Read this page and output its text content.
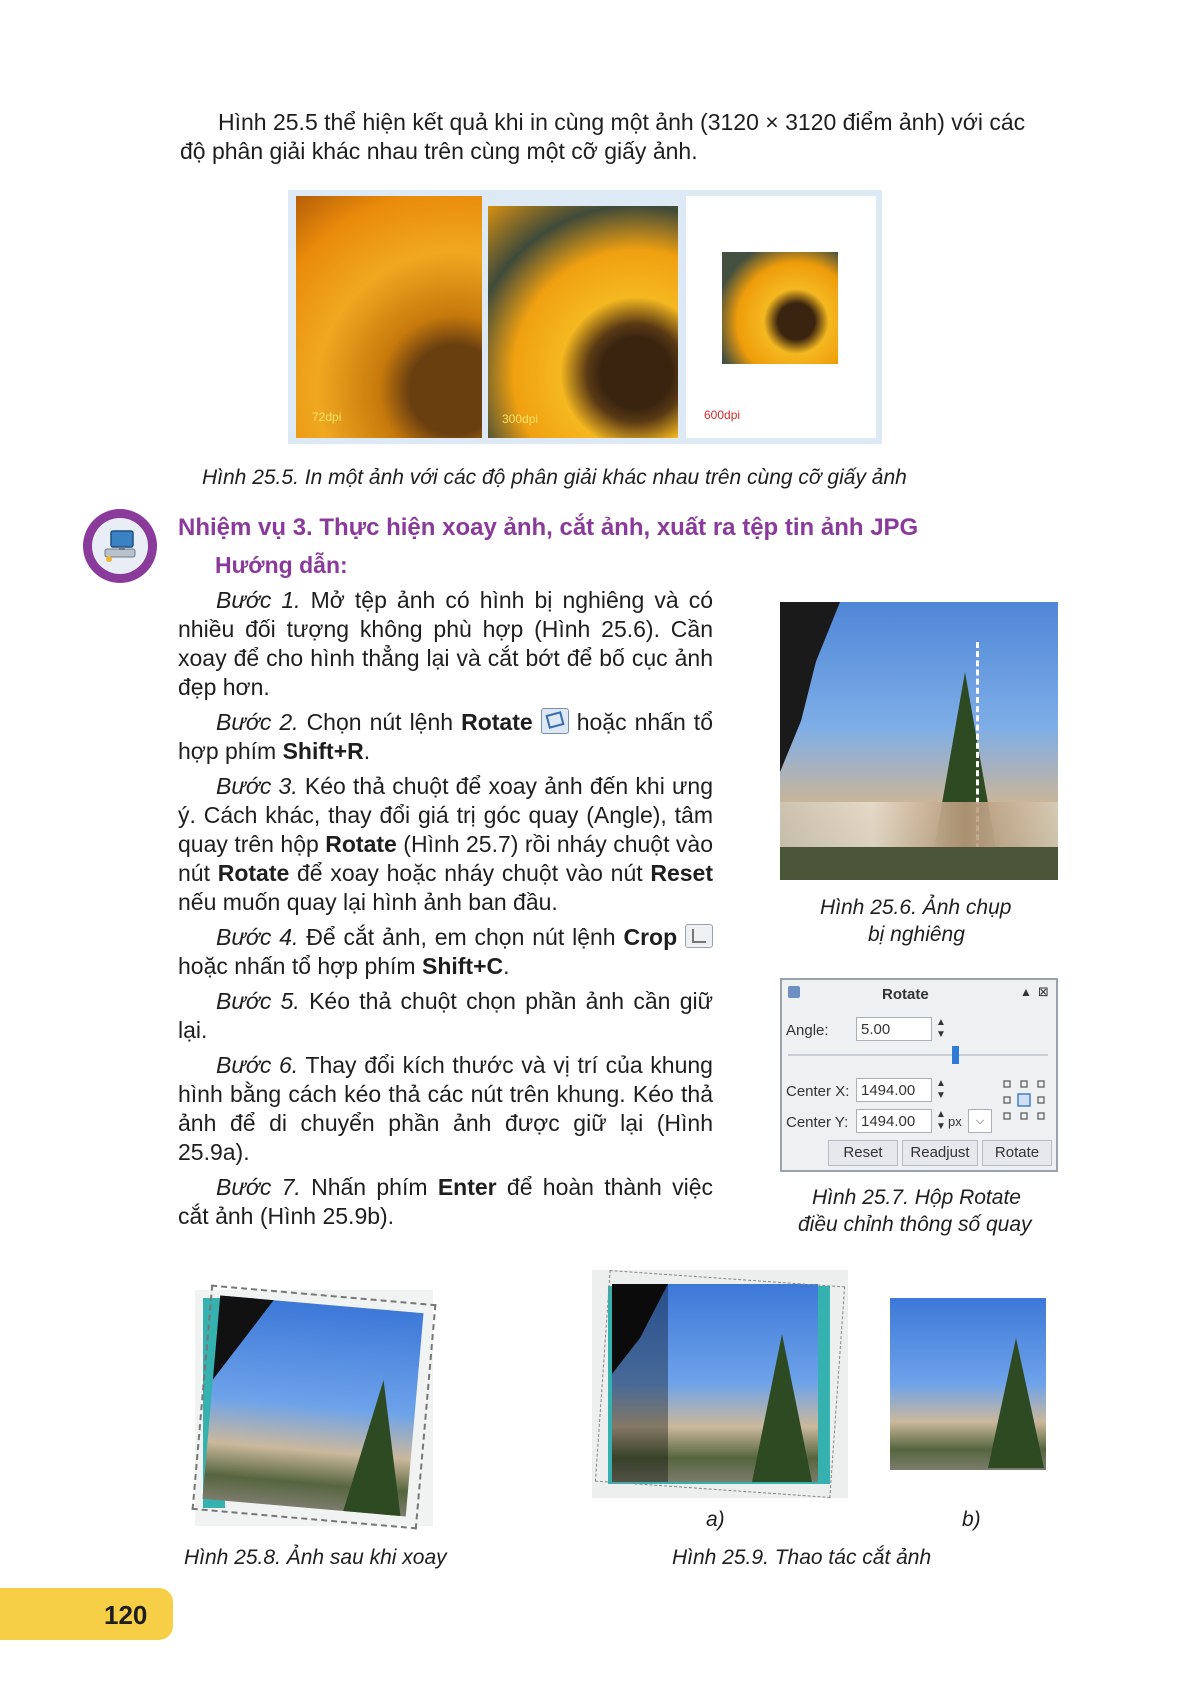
Hình 25.5 thể hiện kết quả khi in cùng một ảnh (3120 × 3120 điểm ảnh) với các

độ phân giải khác nhau trên cùng một cỡ giấy ảnh.

72dpi	300dpi	600dpi

Hình 25.5. In một ảnh với các độ phân giải khác nhau trên cùng cỡ giấy ảnh

Nhiệm vụ 3. Thực hiện xoay ảnh, cắt ảnh, xuất ra tệp tin ảnh JPG

Hướng dẫn:

Bước 1. Mở tệp ảnh có hình bị nghiêng và có nhiều đối tượng không phù hợp (Hình 25.6). Cần xoay để cho hình thẳng lại và cắt bớt để bố cục ảnh đẹp hơn.

Bước 2. Chọn nút lệnh Rotate hoặc nhấn tổ hợp phím Shift+R.

Bước 3. Kéo thả chuột để xoay ảnh đến khi ưng ý. Cách khác, thay đổi giá trị góc quay (Angle), tâm quay trên hộp Rotate (Hình 25.7) rồi nháy chuột vào nút Rotate để xoay hoặc nháy chuột vào nút Reset nếu muốn quay lại hình ảnh ban đầu.

Bước 4. Để cắt ảnh, em chọn nút lệnh Crop
hoặc nhấn tổ hợp phím Shift+C.

Bước 5. Kéo thả chuột chọn phần ảnh cần giữ lại.

Bước 6. Thay đổi kích thước và vị trí của khung hình bằng cách kéo thả các nút trên khung. Kéo thả ảnh để di chuyển phần ảnh được giữ lại (Hình 25.9a).

Bước 7. Nhấn phím Enter để hoàn thành việc cắt ảnh (Hình 25.9b).

Hình 25.6. Ảnh chụp

bị nghiêng

Rotate	▲ ⊠
Angle:	5.00	▲
▼
Center X: 1494.00	▲
▼
Center Y: 1494.00	▲
▼ px	⌵
Reset	Readjust	Rotate

Hình 25.7. Hộp Rotate

điều chỉnh thông số quay

Hình 25.8. Ảnh sau khi xoay

a)	b)

Hình 25.9. Thao tác cắt ảnh

120
